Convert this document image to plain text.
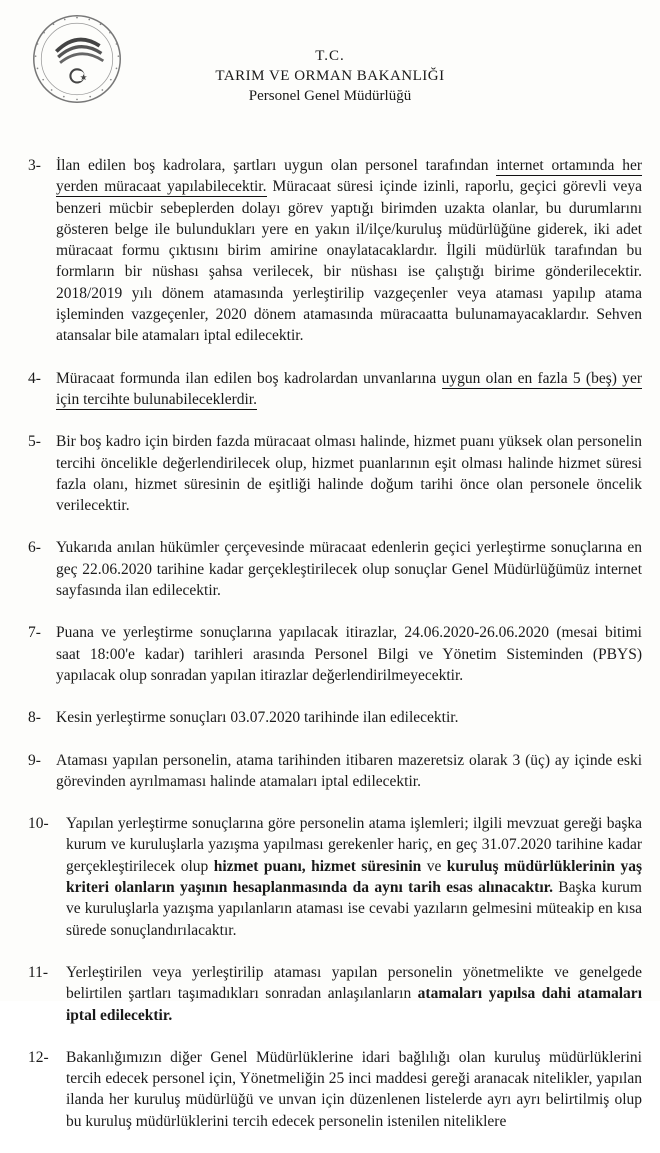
T.C.
TARIM VE ORMAN BAKANLIĞI
Personel Genel Müdürlüğü
3- İlan edilen boş kadrolara, şartları uygun olan personel tarafından internet ortamında her yerden müracaat yapılabilecektir. Müracaat süresi içinde izinli, raporlu, geçici görevli veya benzeri mücbir sebeplerden dolayı görev yaptığı birimden uzakta olanlar, bu durumlarını gösteren belge ile bulundukları yere en yakın il/ilçe/kuruluş müdürlüğüne giderek, iki adet müracaat formu çıktısını birim amirine onaylatacaklardır. İlgili müdürlük tarafından bu formların bir nüshası şahsa verilecek, bir nüshası ise çalıştığı birime gönderilecektir. 2018/2019 yılı dönem atamasında yerleştirilip vazgeçenler veya ataması yapılıp atama işleminden vazgeçenler, 2020 dönem atamasında müracaatta bulunamayacaklardır. Sehven atansalar bile atamaları iptal edilecektir.
4- Müracaat formunda ilan edilen boş kadrolardan unvanlarına uygun olan en fazla 5 (beş) yer için tercihte bulunabileceklerdir.
5- Bir boş kadro için birden fazda müracaat olması halinde, hizmet puanı yüksek olan personelin tercihi öncelikle değerlendirilecek olup, hizmet puanlarının eşit olması halinde hizmet süresi fazla olanı, hizmet süresinin de eşitliği halinde doğum tarihi önce olan personele öncelik verilecektir.
6- Yukarıda anılan hükümler çerçevesinde müracaat edenlerin geçici yerleştirme sonuçlarına en geç 22.06.2020 tarihine kadar gerçekleştirilecek olup sonuçlar Genel Müdürlüğümüz internet sayfasında ilan edilecektir.
7- Puana ve yerleştirme sonuçlarına yapılacak itirazlar, 24.06.2020-26.06.2020 (mesai bitimi saat 18:00'e kadar) tarihleri arasında Personel Bilgi ve Yönetim Sisteminden (PBYS) yapılacak olup sonradan yapılan itirazlar değerlendirilmeyecektir.
8- Kesin yerleştirme sonuçları 03.07.2020 tarihinde ilan edilecektir.
9- Ataması yapılan personelin, atama tarihinden itibaren mazeretsiz olarak 3 (üç) ay içinde eski görevinden ayrılmaması halinde atamaları iptal edilecektir.
10- Yapılan yerleştirme sonuçlarına göre personelin atama işlemleri; ilgili mevzuat gereği başka kurum ve kuruluşlarla yazışma yapılması gerekenler hariç, en geç 31.07.2020 tarihine kadar gerçekleştirilecek olup hizmet puanı, hizmet süresinin ve kuruluş müdürlüklerinin yaş kriteri olanların yaşının hesaplanmasında da aynı tarih esas alınacaktır. Başka kurum ve kuruluşlarla yazışma yapılanların ataması ise cevabi yazıların gelmesini müteakip en kısa sürede sonuçlandırılacaktır.
11- Yerleştirilen veya yerleştirilip ataması yapılan personelin yönetmelikte ve genelgede belirtilen şartları taşımadıkları sonradan anlaşılanların atamaları yapılsa dahi atamaları iptal edilecektir.
12- Bakanlığımızın diğer Genel Müdürlüklerine idari bağlılığı olan kuruluş müdürlüklerini tercih edecek personel için, Yönetmeliğin 25 inci maddesi gereği aranacak nitelikler, yapılan ilanda her kuruluş müdürlüğü ve unvan için düzenlenen listelerde ayrı ayrı belirtilmiş olup bu kuruluş müdürlüklerini tercih edecek personelin istenilen niteliklere
